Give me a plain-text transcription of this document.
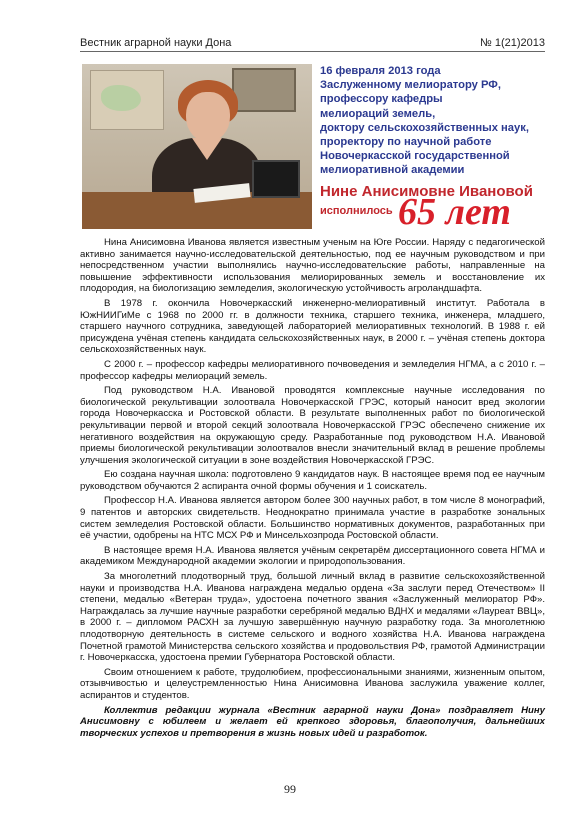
Вестник аграрной науки Дона	№ 1(21)2013
16 февраля 2013 года
Заслуженному мелиоратору РФ,
профессору кафедры
мелиораций земель,
доктору сельскохозяйственных наук,
проректору по научной работе
Новочеркасской государственной
мелиоративной академии
Нине Анисимовне Ивановой
исполнилось 65 лет

Нина Анисимовна Иванова является известным ученым на Юге России. Наряду с педагогической активно занимается научно-исследовательской деятельностью, под ее научным руководством и при непосредственном участии выполнялись научно-исследовательские работы, направленные на повышение эффективности использования мелиорированных земель и восстановление их плодородия, на биологизацию земледелия, экологическую устойчивость агроландшафта.

В 1978 г. окончила Новочеркасский инженерно-мелиоративный институт. Работала в ЮжНИИГиМе с 1968 по 2000 гг. в должности техника, старшего техника, инженера, младшего, старшего научного сотрудника, заведующей лабораторией мелиоративных технологий. В 1988 г. ей присуждена учёная степень кандидата сельскохозяйственных наук, в 2000 г. – учёная степень доктора сельскохозяйственных наук.

С 2000 г. – профессор кафедры мелиоративного почвоведения и земледелия НГМА, а с 2010 г. – профессор кафедры мелиораций земель.

Под руководством Н.А. Ивановой проводятся комплексные научные исследования по биологической рекультивации золоотвала Новочеркасской ГРЭС, который наносит вред экологии города Новочеркасска и Ростовской области. В результате выполненных работ по биологической рекультивации первой и второй секций золоотвала Новочеркасской ГРЭС обеспечено снижение их негативного воздействия на окружающую среду. Разработанные под руководством Н.А. Ивановой приемы биологической рекультивации золоотвалов внесли значительный вклад в решение проблемы улучшения экологической ситуации в зоне воздействия Новочеркасской ГРЭС.

Ею создана научная школа: подготовлено 9 кандидатов наук. В настоящее время под ее научным руководством обучаются 2 аспиранта очной формы обучения и 1 соискатель.

Профессор Н.А. Иванова является автором более 300 научных работ, в том числе 8 монографий, 9 патентов и авторских свидетельств. Неоднократно принимала участие в разработке зональных систем земледелия Ростовской области. Большинство нормативных документов, разработанных при её участии, одобрены на НТС МСХ РФ и Минсельхозпрода Ростовской области.

В настоящее время Н.А. Иванова является учёным секретарём диссертационного совета НГМА и академиком Международной академии экологии и природопользования.

За многолетний плодотворный труд, большой личный вклад в развитие сельскохозяйственной науки и производства Н.А. Иванова награждена медалью ордена «За заслуги перед Отечеством» II степени, медалью «Ветеран труда», удостоена почетного звания «Заслуженный мелиоратор РФ». Награждалась за лучшие научные разработки серебряной медалью ВДНХ и медалями «Лауреат ВВЦ», в 2000 г. – дипломом РАСХН за лучшую завершённую научную разработку года. За многолетнюю плодотворную деятельность в системе сельского и водного хозяйства Н.А. Иванова награждена Почетной грамотой Министерства сельского хозяйства и продовольствия РФ, грамотой Администрации г. Новочеркасска, удостоена премии Губернатора Ростовской области.

Своим отношением к работе, трудолюбием, профессиональными знаниями, жизненным опытом, отзывчивостью и целеустремленностью Нина Анисимовна Иванова заслужила уважение коллег, аспирантов и студентов.

Коллектив редакции журнала «Вестник аграрной науки Дона» поздравляет Нину Анисимовну с юбилеем и желает ей крепкого здоровья, благополучия, дальнейших творческих успехов и претворения в жизнь новых идей и разработок.

99
